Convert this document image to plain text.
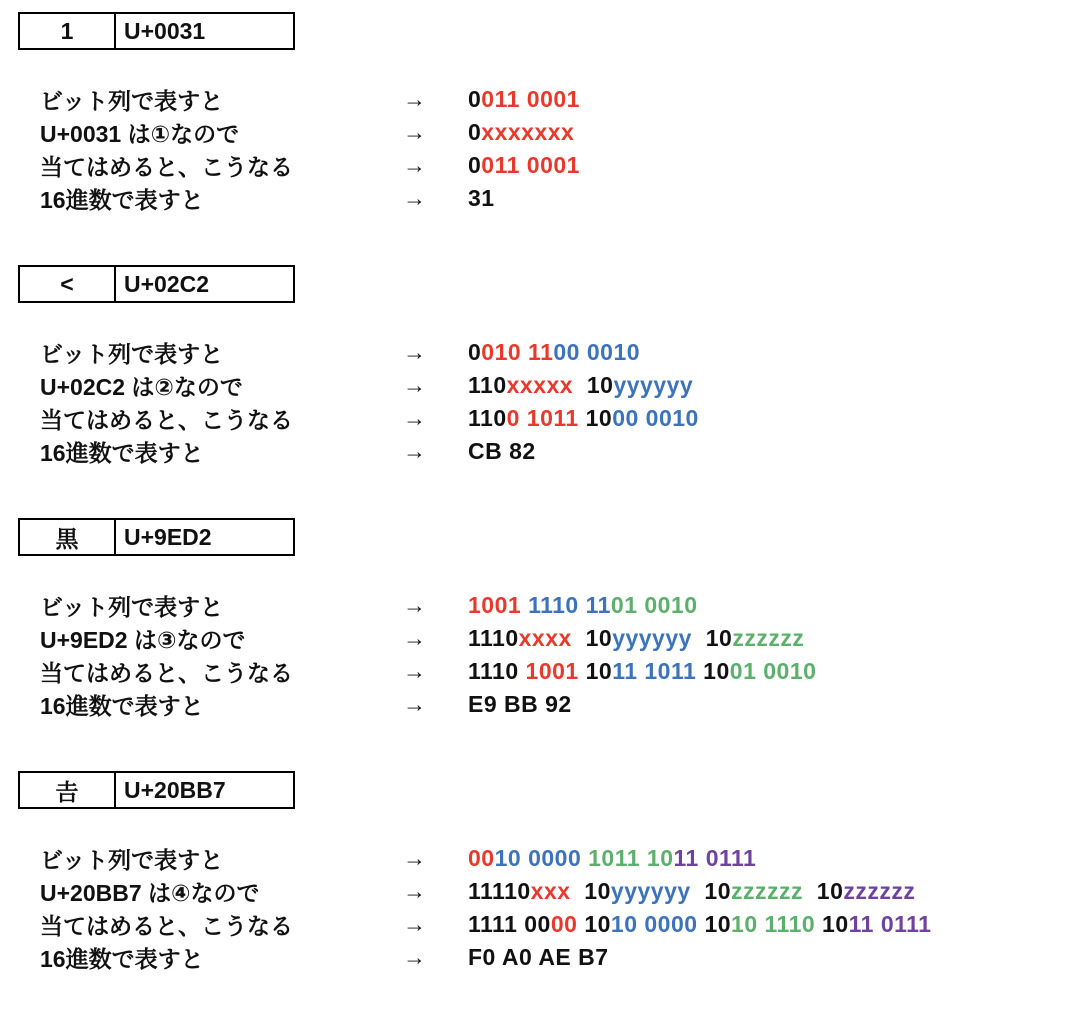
1	U+0031
ビット列で表すと	→	0011 0001
U+0031 は①なので	→	0xxxxxxx
当てはめると、こうなる	→	0011 0001
16進数で表すと	→	31
<	U+02C2
ビット列で表すと	→	0010 1100 0010
U+02C2 は②なので	→	110xxxxx  10yyyyyy
当てはめると、こうなる	→	1100 1011 1000 0010
16進数で表すと	→	CB 82
黒	U+9ED2
ビット列で表すと	→	1001 1110 1101 0010
U+9ED2 は③なので	→	1110xxxx  10yyyyyy  10zzzzzz
当てはめると、こうなる	→	1110 1001 1011 1011 1001 0010
16進数で表すと	→	E9 BB 92
𠮷	U+20BB7
ビット列で表すと	→	0010 0000 1011 1011 0111
U+20BB7 は④なので	→	11110xxx  10yyyyyy  10zzzzzz  10zzzzzz
当てはめると、こうなる	→	1111 0000 1010 0000 1010 1110 1011 0111
16進数で表すと	→	F0 A0 AE B7
